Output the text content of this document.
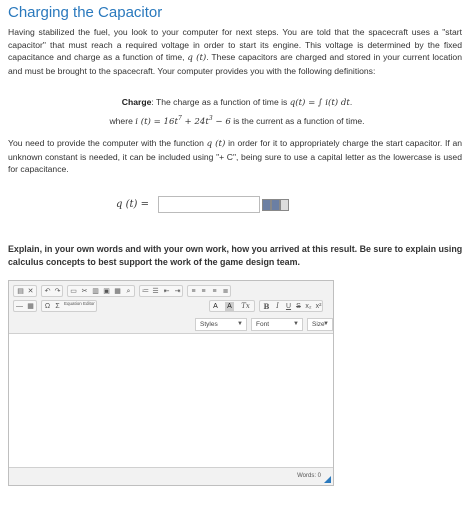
Charging the Capacitor

Having stabilized the fuel, you look to your computer for next steps. You are told that the spacecraft uses a "start capacitor" that must reach a required voltage in order to start its engine. This voltage is determined by the fixed capacitance and charge as a function of time, q (t). These capacitors are charged and stored in your current location and must be brought to the spacecraft. Your computer provides you with the following definitions:

Charge: The charge as a function of time is q(t) = ∫ i(t) dt.
where i $(t) = 16t^7 + 24t^3 - 6$ is the current as a function of time.

You need to provide the computer with the function q (t) in order for it to appropriately charge the start capacitor. If an unknown constant is needed, it can be included using "+ C", being sure to use a capital letter as the lowercase is used for capacitance.

q (t) =

Explain, in your own words and with your own work, how you arrived at this result. Be sure to explain using calculus concepts to best support the work of the game design team.

▤ ✕ ↶ ↷ ▭ ✂ ▥ ▣ ▦ ⌕	≔ ☰ ⇤ ⇥	≡ ≡ ≡ ≣
— ▦ Ω Σ Equation Editor	A	A	Tx B I	U S x₂ x²
Styles	▼	Font	▼	Size
▼
Words: 0
